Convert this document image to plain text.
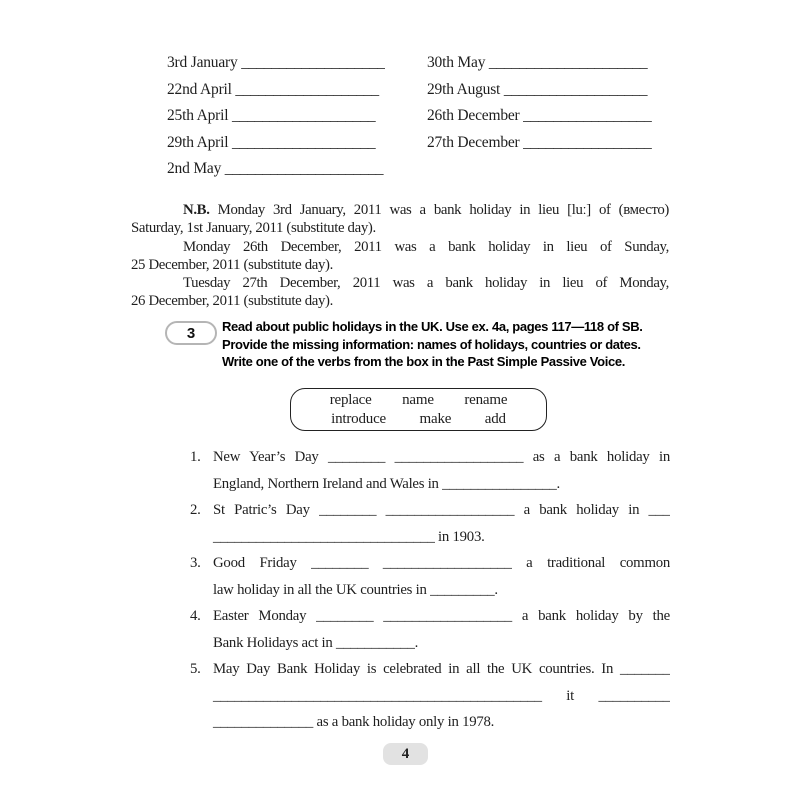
3rd January ___________________
22nd April ___________________
25th April ___________________
29th April ___________________
2nd May _____________________
30th May _____________________
29th August ___________________
26th December _________________
27th December _________________
N.B. Monday 3rd January, 2011 was a bank holiday in lieu [luː] of (вместо)
Saturday, 1st January, 2011 (substitute day).
Monday 26th December, 2011 was a bank holiday in lieu of Sunday,
25 December, 2011 (substitute day).
Tuesday 27th December, 2011 was a bank holiday in lieu of Monday,
26 December, 2011 (substitute day).
3 Read about public holidays in the UK. Use ex. 4a, pages 117—118 of SB.
Provide the missing information: names of holidays, countries or dates.
Write one of the verbs from the box in the Past Simple Passive Voice.
replace name rename
introduce make add
1. New Year’s Day ________ __________________ as a bank holiday in
England, Northern Ireland and Wales in ________________.
2. St Patric’s Day ________ __________________ a bank holiday in ___
_______________________________ in 1903.
3. Good Friday ________ __________________ a traditional common
law holiday in all the UK countries in _________.
4. Easter Monday ________ __________________ a bank holiday by the
Bank Holidays act in ___________.
5. May Day Bank Holiday is celebrated in all the UK countries. In _______
______________________________________________ it __________
______________ as a bank holiday only in 1978.
4
